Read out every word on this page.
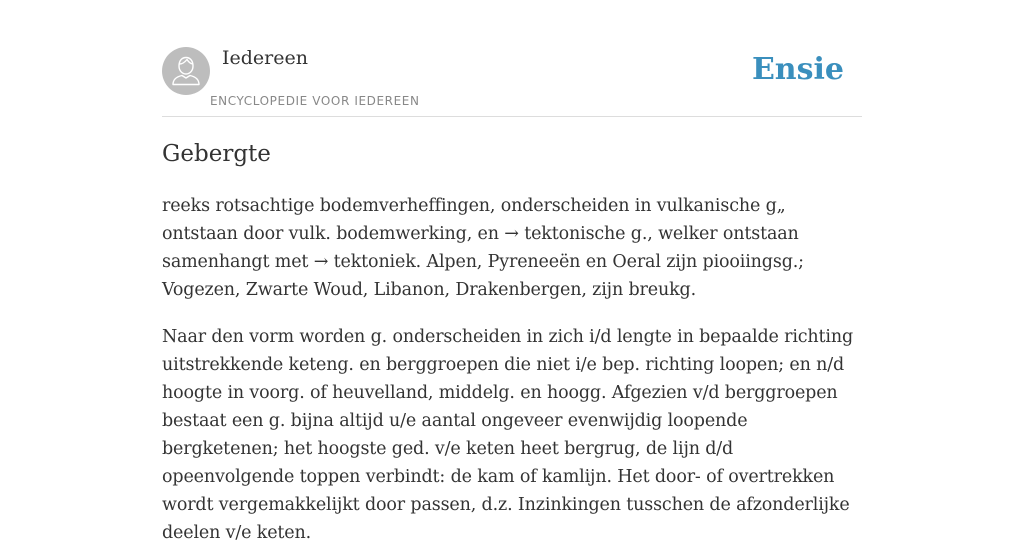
Iedereen
ENCYCLOPEDIE VOOR IEDEREEN
Ensie
Gebergte

reeks rotsachtige bodemverheffingen, onderscheiden in vulkanische g„ ontstaan door vulk. bodemwerking, en → tektonische g., welker ontstaan samenhangt met → tektoniek. Alpen, Pyreneeën en Oeral zijn piooiingsg.; Vogezen, Zwarte Woud, Libanon, Drakenbergen, zijn breukg.

Naar den vorm worden g. onderscheiden in zich i/d lengte in bepaalde richting uitstrekkende keteng. en berggroepen die niet i/e bep. richting loopen; en n/d hoogte in voorg. of heuvelland, middelg. en hoogg. Afgezien v/d berggroepen bestaat een g. bijna altijd u/e aantal ongeveer evenwijdig loopende bergketenen; het hoogste ged. v/e keten heet bergrug, de lijn d/d opeenvolgende toppen verbindt: de kam of kamlijn. Het door- of overtrekken wordt vergemakkelijkt door passen, d.z. Inzinkingen tusschen de afzonderlijke deelen v/e keten.
